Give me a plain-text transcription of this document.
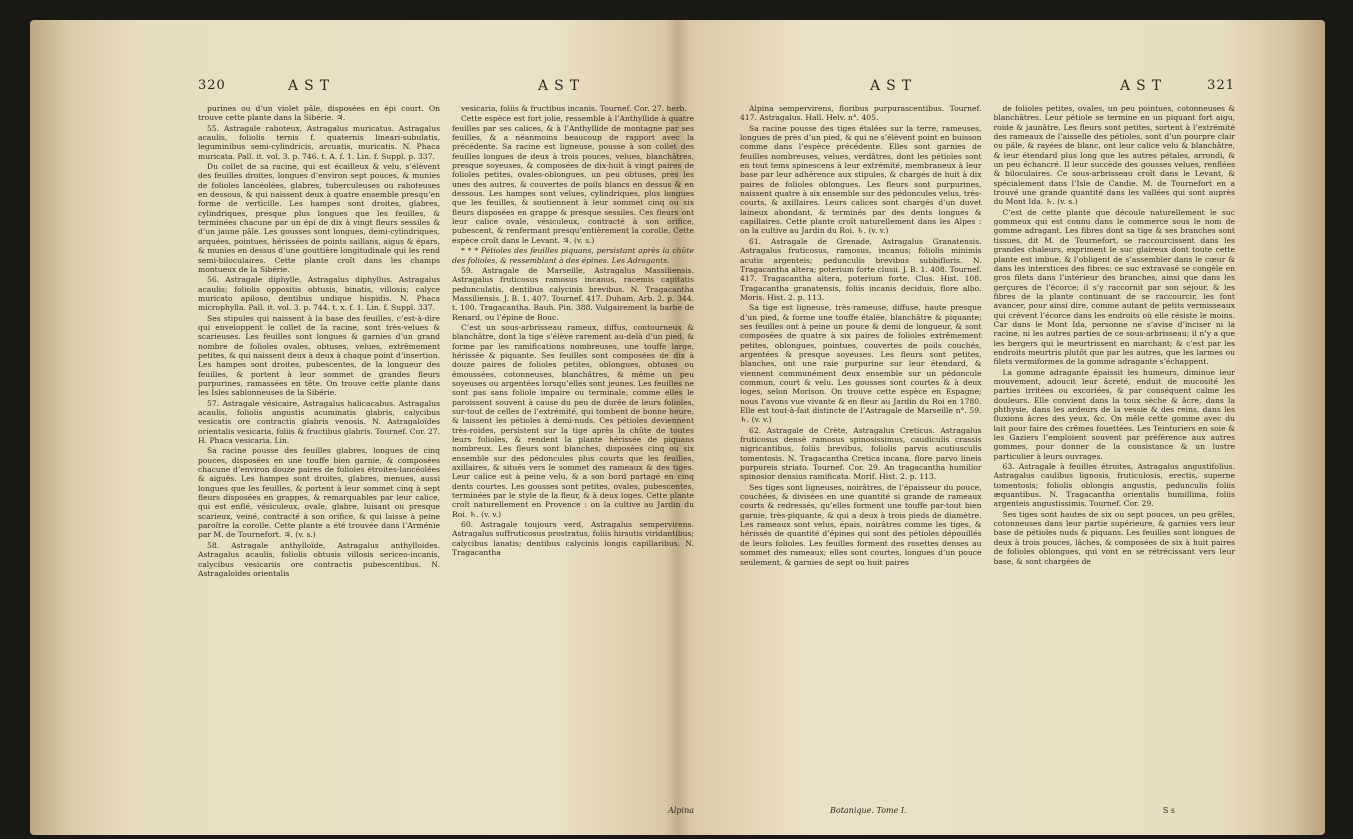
320	AST	AST

purines ou d’un violet pâle, disposées en épi court. On trouve cette plante dans la Sibérie. ♃.

55. Astragale raboteux, Astragalus muricatus. Astragalus acaulis, foliolis ternis f. quaternis lineari-subulatis, leguminibus semi-cylindricis, arcuatis, muricatis. N. Phaca muricata. Pall. it. vol. 3. p. 746. t. A. f. 1. Lin. f. Suppl. p. 337.

Du collet de sa racine, qui est écailleux & velu, s’élèvent des feuilles droites, longues d’environ sept pouces, & munies de folioles lancéolées, glabres, tuberculeuses ou raboteuses en dessous, & qui naissent deux à quatre ensemble presqu’en forme de verticille. Les hampes sont droites, glabres, cylindriques, presque plus longues que les feuilles, & terminées chacune par un épi de dix à vingt fleurs sessiles & d’un jaune pâle. Les gousses sont longues, demi-cylindriques, arquées, pointues, hérissées de points saillans, aigus & épars, & munies en dessus d’une gouttière longitudinale qui les rend semi-biloculaires. Cette plante croît dans les champs montueux de la Sibérie.

56. Astragale diphylle, Astragalus diphyllus. Astragalus acaulis; foliolis oppositis obtusis, binatis, villosis; calyce muricato apiloso, dentibus undique hispidis. N. Phaca microphylla. Pall. it. vol. 3. p. 744. t. x. f. 1. Lin. f. Suppl. 337.

Ses stipules qui naissent à la base des feuilles, c’est-à-dire qui enveloppent le collet de la racine, sont très-velues & scarieuses. Les feuilles sont longues & garnies d’un grand nombre de folioles ovales, obtuses, velues, extrêmement petites, & qui naissent deux à deux à chaque point d’insertion. Les hampes sont droites, pubescentes, de la longueur des feuilles, & portent à leur sommet de grandes fleurs purpurines, ramassées en tête. On trouve cette plante dans les Isles sablonneuses de la Sibérie.

57. Astragale vésicaire, Astragalus halicacabus. Astragalus acaulis, foliolis angustis acuminatis glabris, calycibus vesicatis ore contractis glabris venosis. N. Astragaloïdes orientalis vesicaria, foliis & fructibus glabris. Tournef. Cor. 27. H. Phaca vesicaria. Lin.

Sa racine pousse des feuilles glabres, longues de cinq pouces, disposées en une touffe bien garnie, & composées chacune d’environ douze paires de folioles étroites-lancéolées & aiguës. Les hampes sont droites, glabres, menues, aussi longues que les feuilles, & portent à leur sommet cinq à sept fleurs disposées en grappes, & remarquables par leur calice, qui est enflé, vésiculeux, ovale, glabre, luisant ou presque scarieux, veiné, contracté à son orifice, & qui laisse à peine paroître la corolle. Cette plante a été trouvée dans l’Arménie par M. de Tournefort. ♃. (v. s.)

58. Astragale anthylloïde, Astragalus anthylloides. Astragalus acaulis, foliolis obtusis villosis sericeo-incanis, calycibus vesicariis ore contractis pubescentibus. N. Astragaloïdes orientalis

vesicaria, foliis & fructibus incanis. Tournef. Cor. 27. herb.

Cette espèce est fort jolie, ressemble à l’Anthyllide à quatre feuilles par ses calices, & à l’Anthyllide de montagne par ses feuilles, & a néanmoins beaucoup de rapport avec la précédente. Sa racine est ligneuse, pousse à son collet des feuilles longues de deux à trois pouces, velues, blanchâtres, presque soyeuses, & composées de dix-huit à vingt paires de folioles petites, ovales-oblongues, un peu obtuses, près les unes des autres, & couvertes de poils blancs en dessus & en dessous. Les hampes sont velues, cylindriques, plus longues que les feuilles, & soutiennent à leur sommet cinq ou six fleurs disposées en grappe & presque sessiles. Ces fleurs ont leur calice ovale, vésiculeux, contracté à son orifice, pubescent, & renfermant presqu’entièrement la corolle. Cette espèce croît dans le Levant. ♃. (v. s.)

* * * Pétioles des feuilles piquans, persistant après la chûte des folioles, & ressemblant à des épines. Les Adragants.

59. Astragale de Marseille, Astragalus Massiliensis. Astragalus fruticosus ramosus incanus, racemis capitatis pedunculatis, dentibus calycinis brevibus. N. Tragacantha Massiliensis. J. B. 1. 407. Tournef. 417. Duham. Arb. 2. p. 344. t. 100. Tragacantha. Bauh. Pin. 388. Vulgairement la barbe de Renard, ou l’épine de Bouc.

C’est un sous-arbrisseau rameux, diffus, contourneux & blanchâtre, dont la tige s’élève rarement au-delà d’un pied, & forme par les ramifications nombreuses, une touffe large, hérissée & piquante. Ses feuilles sont composées de dix à douze paires de folioles petites, oblongues, obtuses ou émoussées, cotonneuses, blanchâtres, & même un peu soyeuses ou argentées lorsqu’elles sont jeunes. Les feuilles ne sont pas sans foliole impaire ou terminale, comme elles le paroissent souvent à cause du peu de durée de leurs folioles, sur-tout de celles de l’extrémité, qui tombent de bonne heure, & laissent les pétioles à demi-nuds. Ces pétioles deviennent très-roides, persistent sur la tige après la chûte de toutes leurs folioles, & rendent la plante hérissée de piquans nombreux. Les fleurs sont blanches, disposées cinq ou six ensemble sur des pédoncules plus courts que les feuilles, axillaires, & situés vers le sommet des rameaux & des tiges. Leur calice est à peine velu, & a son bord partagé en cinq dents courtes. Les gousses sont petites, ovales, pubescentes, terminées par le style de la fleur, & à deux loges. Cette plante croît naturellement en Provence : on la cultive au Jardin du Roi. ♄. (v. v.)

60. Astragale toujours verd, Astragalus sempervirens. Astragalus suffruticosus prostratus, foliis hirsutis viridantibus; calycibus lanatis; dentibus calycinis longis capillaribus. N. Tragacantha

Alpina
AST	AST	321

Alpina sempervirens, floribus purpurascentibus. Tournef. 417. Astragalus. Hall. Helv. n°. 405.

Sa racine pousse des tiges étalées sur la terre, rameuses, longues de près d’un pied, & qui ne s’élèvent point en buisson comme dans l’espèce précédente. Elles sont garnies de feuilles nombreuses, velues, verdâtres, dont les pétioles sont en tout tems spinescens à leur extrémité, membraneux à leur base par leur adhérence aux stipules, & chargés de huit à dix paires de folioles oblongues. Les fleurs sont purpurines, naissent quatre à six ensemble sur des pédoncules velus, très-courts, & axillaires. Leurs calices sont chargés d’un duvet laineux abondant, & terminés par des dents longues & capillaires. Cette plante croît naturellement dans les Alpes : on la cultive au Jardin du Roi. ♄. (v. v.)

61. Astragale de Grenade, Astragalus Granatensis. Astragalus fruticosus, ramosus, incanus; foliolis minimis acutis argenteis; pedunculis brevibus subbifloris. N. Tragacantha altera; poterium forte clusii. J. B. 1. 408. Tournef. 417. Tragacantha altera, poterium forte. Clus. Hist. 108. Tragacantha granatensis, foliis incanis deciduis, flore albo. Moris. Hist. 2. p. 113.

Sa tige est ligneuse, très-rameuse, diffuse, haute presque d’un pied, & forme une touffe étalée, blanchâtre & piquante; ses feuilles ont à peine un pouce & demi de longueur, & sont composées de quatre à six paires de folioles extrêmement petites, oblongues, pointues, couvertes de poils couchés, argentées & presque soyeuses. Les fleurs sont petites, blanches, ont une raie purpurine sur leur étendard, & viennent communément deux ensemble sur un pédoncule commun, court & velu. Les gousses sont courtes & à deux loges, selon Morison. On trouve cette espèce en Espagne; nous l’avons vue vivante & en fleur au Jardin du Roi en 1780. Elle est tout-à-fait distincte de l’Astragale de Marseille n°. 59. ♄. (v. v.)

62. Astragale de Crète, Astragalus Creticus. Astragalus fruticosus densè ramosus spinosissimus, caudiculis crassis nigricantibus, foliis brevibus, foliolis parvis acutiusculis tomentosis. N. Tragacantha Cretica incana, flore parvo lineis purpureis striato. Tournef. Cor. 29. An tragacantha humilior spinosior densius ramificata. Morif. Hist. 2. p. 113.

Ses tiges sont ligneuses, noirâtres, de l’épaisseur du pouce, couchées, & divisées en une quantité si grande de rameaux courts & redressés, qu’elles forment une touffe par-tout bien garnie, très-piquante, & qui a deux à trois pieds de diamètre. Les rameaux sont velus, épais, noirâtres comme les tiges, & hérissés de quantité d’épines qui sont des pétioles dépouillés de leurs folioles. Les feuilles forment des rosettes denses au sommet des rameaux; elles sont courtes, longues d’un pouce seulement, & garnies de sept ou huit paires

de folioles petites, ovales, un peu pointues, cotonneuses & blanchâtres. Leur pétiole se termine en un piquant fort aigu, roide & jaunâtre. Les fleurs sont petites, sortent à l’extrémité des rameaux de l’aisselle des pétioles, sont d’un pourpre clair ou pâle, & rayées de blanc, ont leur calice velu & blanchâtre, & leur étendard plus long que les autres pétales, arrondi, & un peu échancré. Il leur succède des gousses velues, renflées & biloculaires. Ce sous-arbrisseau croît dans le Levant, & spécialement dans l’Isle de Candie. M. de Tournefort en a trouvé une grande quantité dans les vallées qui sont auprès du Mont Ida. ♄. (v. s.)

C’est de cette plante que découle naturellement le suc gommeux qui est connu dans le commerce sous le nom de gomme adragant. Les fibres dont sa tige & ses branches sont tissues, dit M. de Tournefort, se raccourcissent dans les grandes chaleurs, expriment le suc glaireux dont toute cette plante est imbue, & l’obligent de s’assembler dans le cœur & dans les interstices des fibres: ce suc extravasé se congèle en gros filets dans l’intérieur des branches, ainsi que dans les gerçures de l’écorce; il s’y raccornit par son séjour, & les fibres de la plante continuant de se raccourcir, les font avancer, pour ainsi dire, comme autant de petits vermisseaux qui crèvent l’écorce dans les endroits où elle résiste le moins. Car dans le Mont Ida, personne ne s’avise d’inciser ni la racine, ni les autres parties de ce sous-arbrisseau; il n’y a que les bergers qui le meurtrissent en marchant; & c’est par les endroits meurtris plutôt que par les autres, que les larmes ou filets vermiformes de la gomme adragante s’échappent.

La gomme adragante épaissit les humeurs, diminue leur mouvement, adoucit leur âcreté, enduit de mucosité les parties irritées ou excoriées, & par conséquent calme les douleurs. Elle convient dans la toux sèche & âcre, dans la phthysie, dans les ardeurs de la vessie & des reins, dans les fluxions âcres des yeux, &c. On mêle cette gomme avec du lait pour faire des crêmes fouettées. Les Teinturiers en soie & les Gaziers l’emploient souvent par préférence aux autres gommes, pour donner de la consistance & un lustre particulier à leurs ouvrages.

63. Astragale à feuilles étroites, Astragalus angustifolius. Astragalus caulibus lignosis, fruticulosis, erectis, superne tomentosis; foliolis oblongis angustis, pedunculis foliis æquantibus. N. Tragacantha orientalis humillima, foliis argenteis angustissimis. Tournef. Cor. 29.

Ses tiges sont hautes de six ou sept pouces, un peu grêles, cotonneuses dans leur partie supérieure, & garnies vers leur base de pétioles nuds & piquans. Les feuilles sont longues de deux à trois pouces, lâches, & composées de six à huit paires de folioles oblongues, qui vont en se rétrécissant vers leur base, & sont chargées de

Botanique. Tome I.	S s
